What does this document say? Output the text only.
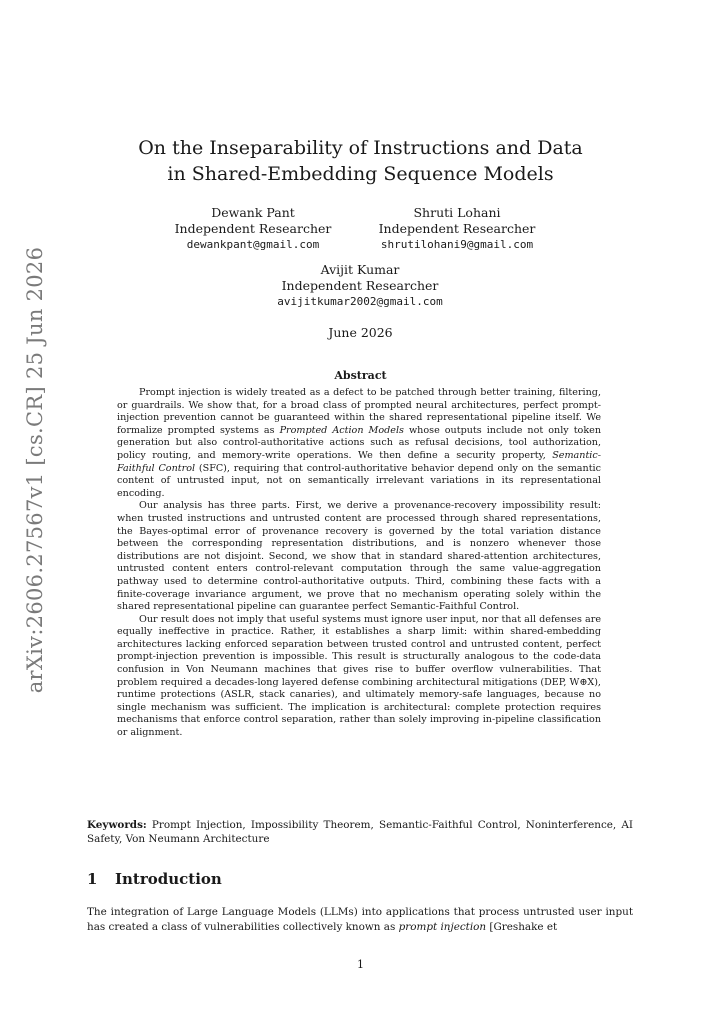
arXiv:2606.27567v1 [cs.CR] 25 Jun 2026
On the Inseparability of Instructions and Data
in Shared-Embedding Sequence Models
Dewank Pant
Independent Researcher
dewankpant@gmail.com
Shruti Lohani
Independent Researcher
shrutilohani9@gmail.com
Avijit Kumar
Independent Researcher
avijitkumar2002@gmail.com
June 2026
Abstract

Prompt injection is widely treated as a defect to be patched through better training, filtering, or guardrails. We show that, for a broad class of prompted neural architectures, perfect prompt-injection prevention cannot be guaranteed within the shared representational pipeline itself. We formalize prompted systems as Prompted Action Models whose outputs include not only token generation but also control-authoritative actions such as refusal decisions, tool authorization, policy routing, and memory-write operations. We then define a security property, Semantic-Faithful Control (SFC), requiring that control-authoritative behavior depend only on the semantic content of untrusted input, not on semantically irrelevant variations in its representational encoding.

Our analysis has three parts. First, we derive a provenance-recovery impossibility result: when trusted instructions and untrusted content are processed through shared representations, the Bayes-optimal error of provenance recovery is governed by the total variation distance between the corresponding representation distributions, and is nonzero whenever those distributions are not disjoint. Second, we show that in standard shared-attention architectures, untrusted content enters control-relevant computation through the same value-aggregation pathway used to determine control-authoritative outputs. Third, combining these facts with a finite-coverage invariance argument, we prove that no mechanism operating solely within the shared representational pipeline can guarantee perfect Semantic-Faithful Control.

Our result does not imply that useful systems must ignore user input, nor that all defenses are equally ineffective in practice. Rather, it establishes a sharp limit: within shared-embedding architectures lacking enforced separation between trusted control and untrusted content, perfect prompt-injection prevention is impossible. This result is structurally analogous to the code-data confusion in Von Neumann machines that gives rise to buffer overflow vulnerabilities. That problem required a decades-long layered defense combining architectural mitigations (DEP, W⊕X), runtime protections (ASLR, stack canaries), and ultimately memory-safe languages, because no single mechanism was sufficient. The implication is architectural: complete protection requires mechanisms that enforce control separation, rather than solely improving in-pipeline classification or alignment.

Keywords: Prompt Injection, Impossibility Theorem, Semantic-Faithful Control, Noninterference, AI Safety, Von Neumann Architecture
1 Introduction

The integration of Large Language Models (LLMs) into applications that process untrusted user input has created a class of vulnerabilities collectively known as prompt injection [Greshake et

1
